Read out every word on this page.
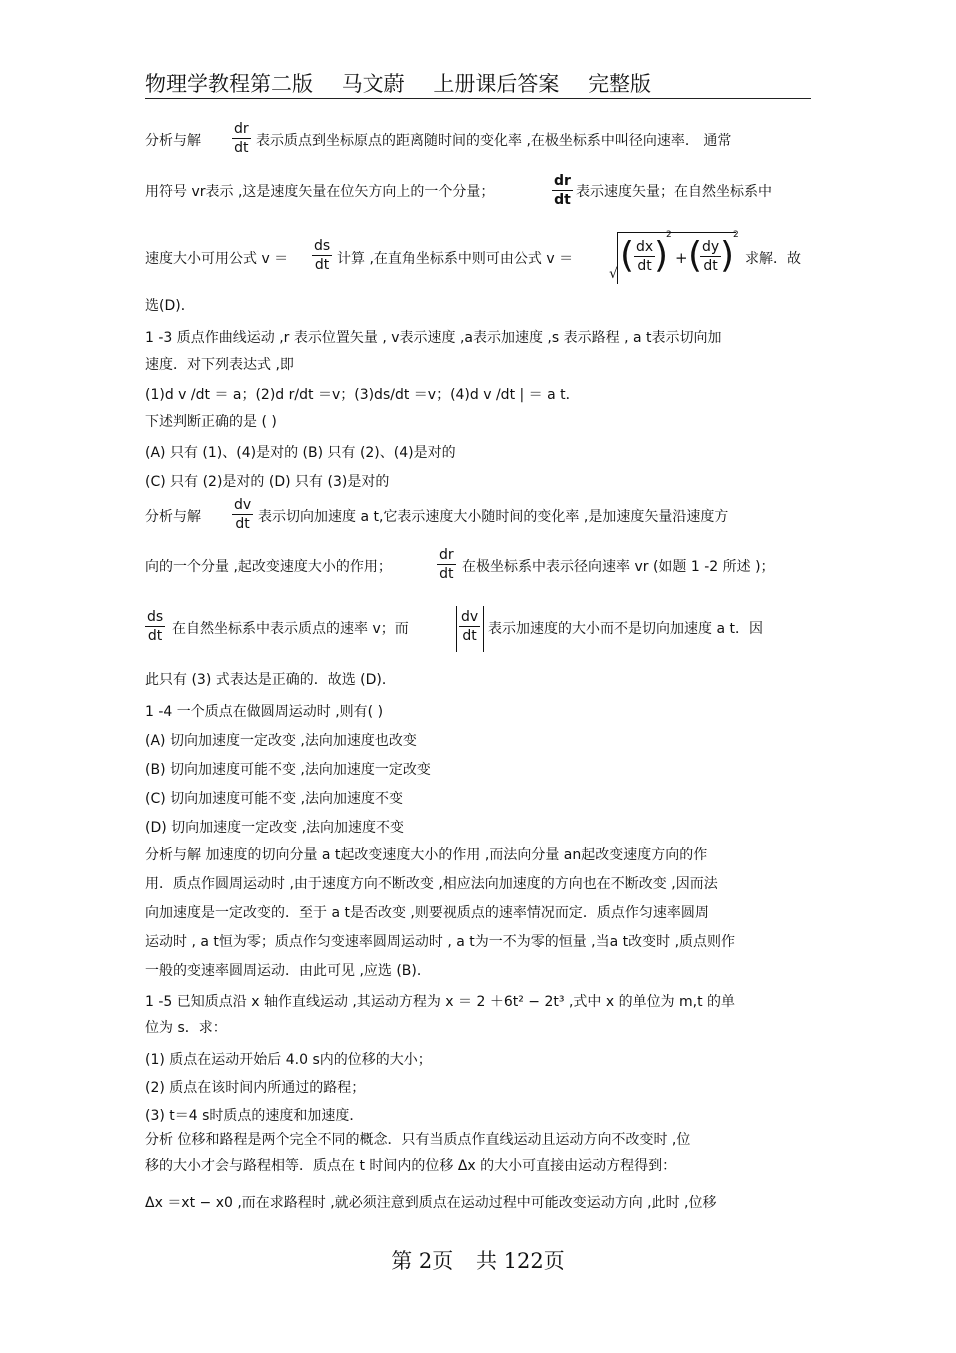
物理学教程第二版 马文蔚 上册课后答案 完整版
分析与解 $\frac{dr}{dt}$ 表示质点到坐标原点的距离随时间的变化率 ,在极坐标系中叫径向速率． 通常
用符号 vr表示 ,这是速度矢量在位矢方向上的一个分量；	$\frac{dr}{dt}$ 表示速度矢量；在自然坐标系中
速度大小可用公式 $v = \frac{ds}{dt}$ 计算 ,在直角坐标系中则可由公式 v ＝
√ ( $\frac{dx}{dt}$
)
2
+ (
$\frac{dy}{dt}$
)
2
求解．故
选(D)．
1 -3 质点作曲线运动 ,r 表示位置矢量 , v表示速度 ,a表示加速度 ,s 表示路程 , a t表示切向加
速度．对下列表达式 ,即
(1)d v /dt ＝ a；(2)d r/dt ＝v；(3)ds/dt ＝v；(4)d v /dt | ＝ a t．
下述判断正确的是 ( )
(A) 只有 (1)、(4)是对的 (B) 只有 (2)、(4)是对的
(C) 只有 (2)是对的 (D) 只有 (3)是对的
分析与解 $\frac{dv}{dt}$ 表示切向加速度 a t,它表示速度大小随时间的变化率 ,是加速度矢量沿速度方
向的一个分量 ,起改变速度大小的作用；	$\frac{dr}{dt}$ 在极坐标系中表示径向速率 vr (如题 1 -2 所述 )；
$\frac{ds}{dt}$ 在自然坐标系中表示质点的速率 v；而	$\frac{dv}{dt}$ 表示加速度的大小而不是切向加速度 a t．因
此只有 (3) 式表达是正确的．故选 (D)．
1 -4 一个质点在做圆周运动时 ,则有( )
(A) 切向加速度一定改变 ,法向加速度也改变
(B) 切向加速度可能不变 ,法向加速度一定改变
(C) 切向加速度可能不变 ,法向加速度不变
(D) 切向加速度一定改变 ,法向加速度不变
分析与解 加速度的切向分量 a t起改变速度大小的作用 ,而法向分量 an起改变速度方向的作
用．质点作圆周运动时 ,由于速度方向不断改变 ,相应法向加速度的方向也在不断改变 ,因而法
向加速度是一定改变的．至于 a t是否改变 ,则要视质点的速率情况而定．质点作匀速率圆周
运动时 , a t恒为零；质点作匀变速率圆周运动时 , a t为一不为零的恒量 ,当a t改变时 ,质点则作
一般的变速率圆周运动．由此可见 ,应选 (B)．
1 -5 已知质点沿 x 轴作直线运动 ,其运动方程为 x ＝ 2 ＋6t² − 2t³ ,式中 x 的单位为 m,t 的单
位为 s．求：
(1) 质点在运动开始后 4.0 s内的位移的大小；
(2) 质点在该时间内所通过的路程；
(3) t＝4 s时质点的速度和加速度．
分析 位移和路程是两个完全不同的概念．只有当质点作直线运动且运动方向不改变时 ,位
移的大小才会与路程相等．质点在 t 时间内的位移 Δx 的大小可直接由运动方程得到：
Δx ＝xt − x0 ,而在求路程时 ,就必须注意到质点在运动过程中可能改变运动方向 ,此时 ,位移
第 2页 共 122页
